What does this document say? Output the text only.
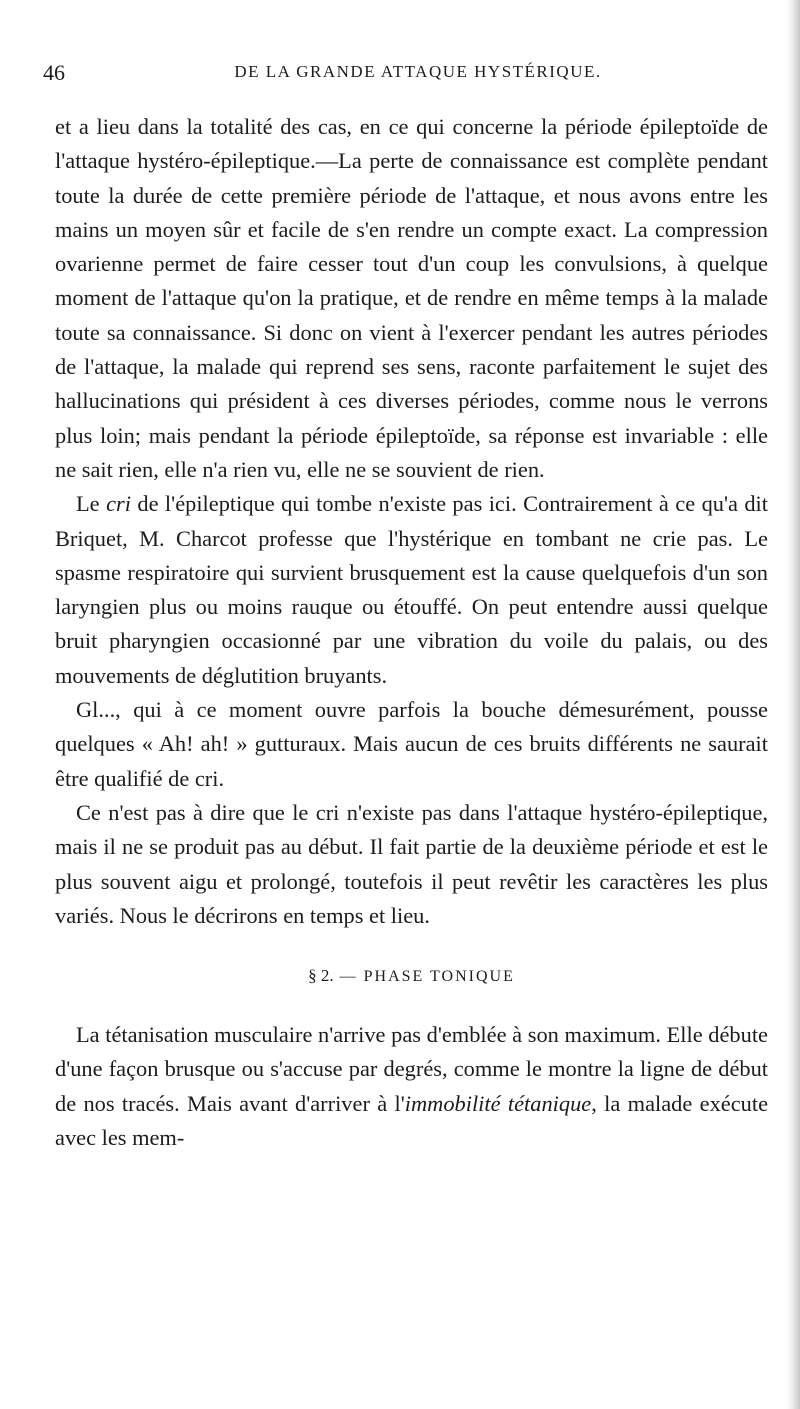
46	DE LA GRANDE ATTAQUE HYSTÉRIQUE.

et a lieu dans la totalité des cas, en ce qui concerne la période épileptoïde de l'attaque hystéro-épileptique.—La perte de connaissance est complète pendant toute la durée de cette première période de l'attaque, et nous avons entre les mains un moyen sûr et facile de s'en rendre un compte exact. La compression ovarienne permet de faire cesser tout d'un coup les convulsions, à quelque moment de l'attaque qu'on la pratique, et de rendre en même temps à la malade toute sa connaissance. Si donc on vient à l'exercer pendant les autres périodes de l'attaque, la malade qui reprend ses sens, raconte parfaitement le sujet des hallucinations qui président à ces diverses périodes, comme nous le verrons plus loin; mais pendant la période épileptoïde, sa réponse est invariable : elle ne sait rien, elle n'a rien vu, elle ne se souvient de rien.

Le cri de l'épileptique qui tombe n'existe pas ici. Contrairement à ce qu'a dit Briquet, M. Charcot professe que l'hystérique en tombant ne crie pas. Le spasme respiratoire qui survient brusquement est la cause quelquefois d'un son laryngien plus ou moins rauque ou étouffé. On peut entendre aussi quelque bruit pharyngien occasionné par une vibration du voile du palais, ou des mouvements de déglutition bruyants.

Gl..., qui à ce moment ouvre parfois la bouche démesurément, pousse quelques « Ah! ah! » gutturaux. Mais aucun de ces bruits différents ne saurait être qualifié de cri.

Ce n'est pas à dire que le cri n'existe pas dans l'attaque hystéro-épileptique, mais il ne se produit pas au début. Il fait partie de la deuxième période et est le plus souvent aigu et prolongé, toutefois il peut revêtir les caractères les plus variés. Nous le décrirons en temps et lieu.

§ 2. — PHASE TONIQUE

La tétanisation musculaire n'arrive pas d'emblée à son maximum. Elle débute d'une façon brusque ou s'accuse par degrés, comme le montre la ligne de début de nos tracés. Mais avant d'arriver à l'immobilité tétanique, la malade exécute avec les mem-
